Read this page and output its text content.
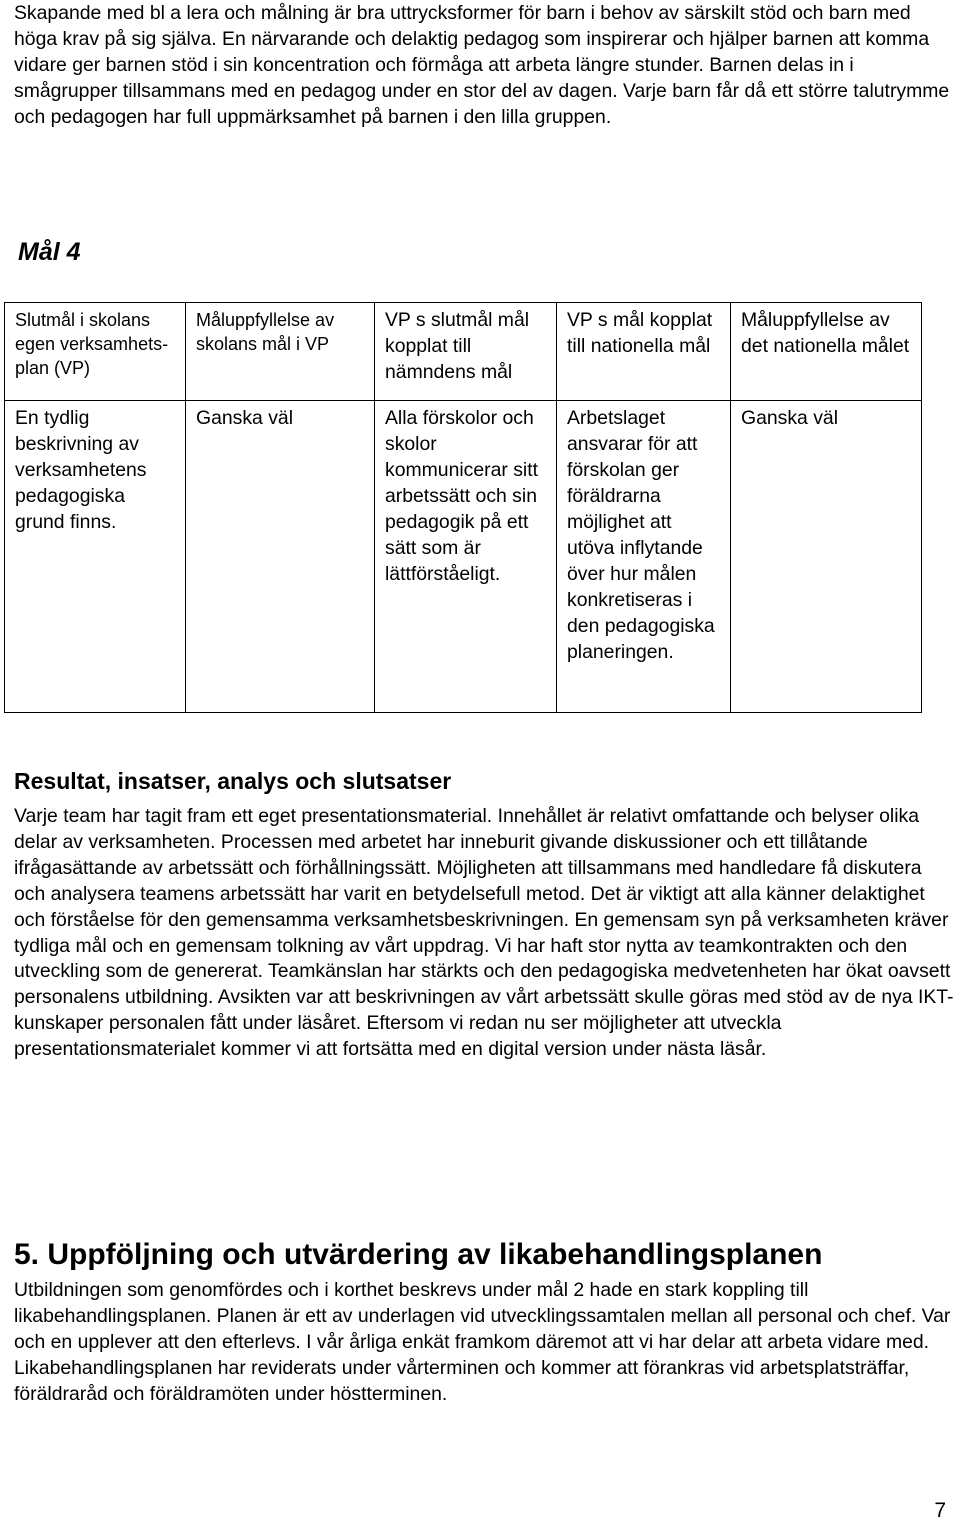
Skapande med bl a lera och målning är bra uttrycksformer för barn i behov av särskilt stöd och barn med höga krav på sig själva. En närvarande och delaktig pedagog som inspirerar och hjälper barnen att komma vidare ger barnen stöd i sin koncentration och förmåga att arbeta längre stunder. Barnen delas in i smågrupper tillsammans med en pedagog under en stor del av dagen. Varje barn får då ett större talutrymme och pedagogen har full uppmärksamhet på barnen i den lilla gruppen.

Mål 4
Slutmål i skolans egen verksamhets-plan (VP)	Måluppfyllelse av skolans mål i VP	VP s slutmål mål kopplat till nämndens mål	VP s mål kopplat till nationella mål	Måluppfyllelse av det nationella målet
En tydlig beskrivning av verksamhetens pedagogiska grund finns.	Ganska väl	Alla förskolor och skolor kommunicerar sitt arbetssätt och sin pedagogik på ett sätt som är lättförståeligt.	Arbetslaget ansvarar för att förskolan ger föräldrarna möjlighet att utöva inflytande över hur målen konkretiseras i den pedagogiska planeringen.	Ganska väl
Resultat, insatser, analys och slutsatser

Varje team har tagit fram ett eget presentationsmaterial. Innehållet är relativt omfattande och belyser olika delar av verksamheten. Processen med arbetet har inneburit givande diskussioner och ett tillåtande ifrågasättande av arbetssätt och förhållningssätt. Möjligheten att tillsammans med handledare få diskutera och analysera teamens arbetssätt har varit en betydelsefull metod. Det är viktigt att alla känner delaktighet och förståelse för den gemensamma verksamhetsbeskrivningen. En gemensam syn på verksamheten kräver tydliga mål och en gemensam tolkning av vårt uppdrag. Vi har haft stor nytta av teamkontrakten och den utveckling som de genererat. Teamkänslan har stärkts och den pedagogiska medvetenheten har ökat oavsett personalens utbildning. Avsikten var att beskrivningen av vårt arbetssätt skulle göras med stöd av de nya IKT-kunskaper personalen fått under läsåret. Eftersom vi redan nu ser möjligheter att utveckla presentationsmaterialet kommer vi att fortsätta med en digital version under nästa läsår.

5. Uppföljning och utvärdering av likabehandlingsplanen

Utbildningen som genomfördes och i korthet beskrevs under mål 2 hade en stark koppling till likabehandlingsplanen. Planen är ett av underlagen vid utvecklingssamtalen mellan all personal och chef. Var och en upplever att den efterlevs. I vår årliga enkät framkom däremot att vi har delar att arbeta vidare med. Likabehandlingsplanen har reviderats under vårterminen och kommer att förankras vid arbetsplatsträffar, föräldraråd och föräldramöten under höstterminen.

7
